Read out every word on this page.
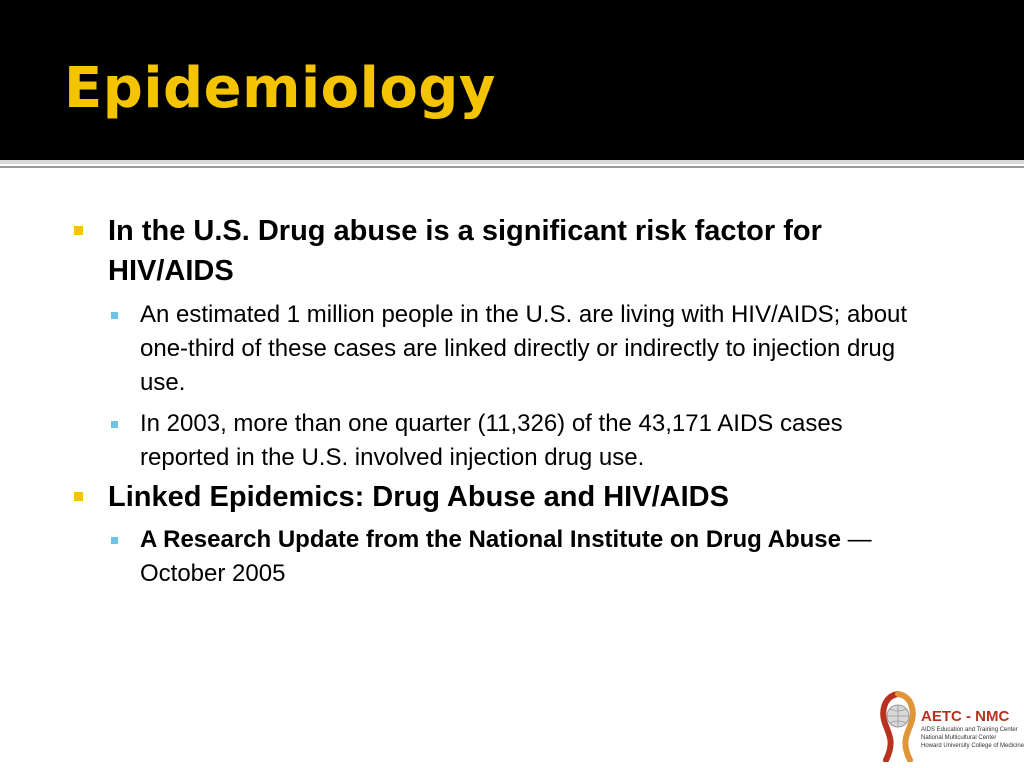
Epidemiology
In the U.S. Drug abuse is a significant risk factor for HIV/AIDS
An estimated 1 million people in the U.S. are living with HIV/AIDS; about one-third of these cases are linked directly or indirectly to injection drug use.
In 2003, more than one quarter (11,326) of the 43,171 AIDS cases reported in the U.S. involved injection drug use.
Linked Epidemics: Drug Abuse and HIV/AIDS
A Research Update from the National Institute on Drug Abuse — October 2005
AETC - NMC
AIDS Education and Training Center
National Multicultural Center
Howard University College of Medicine
